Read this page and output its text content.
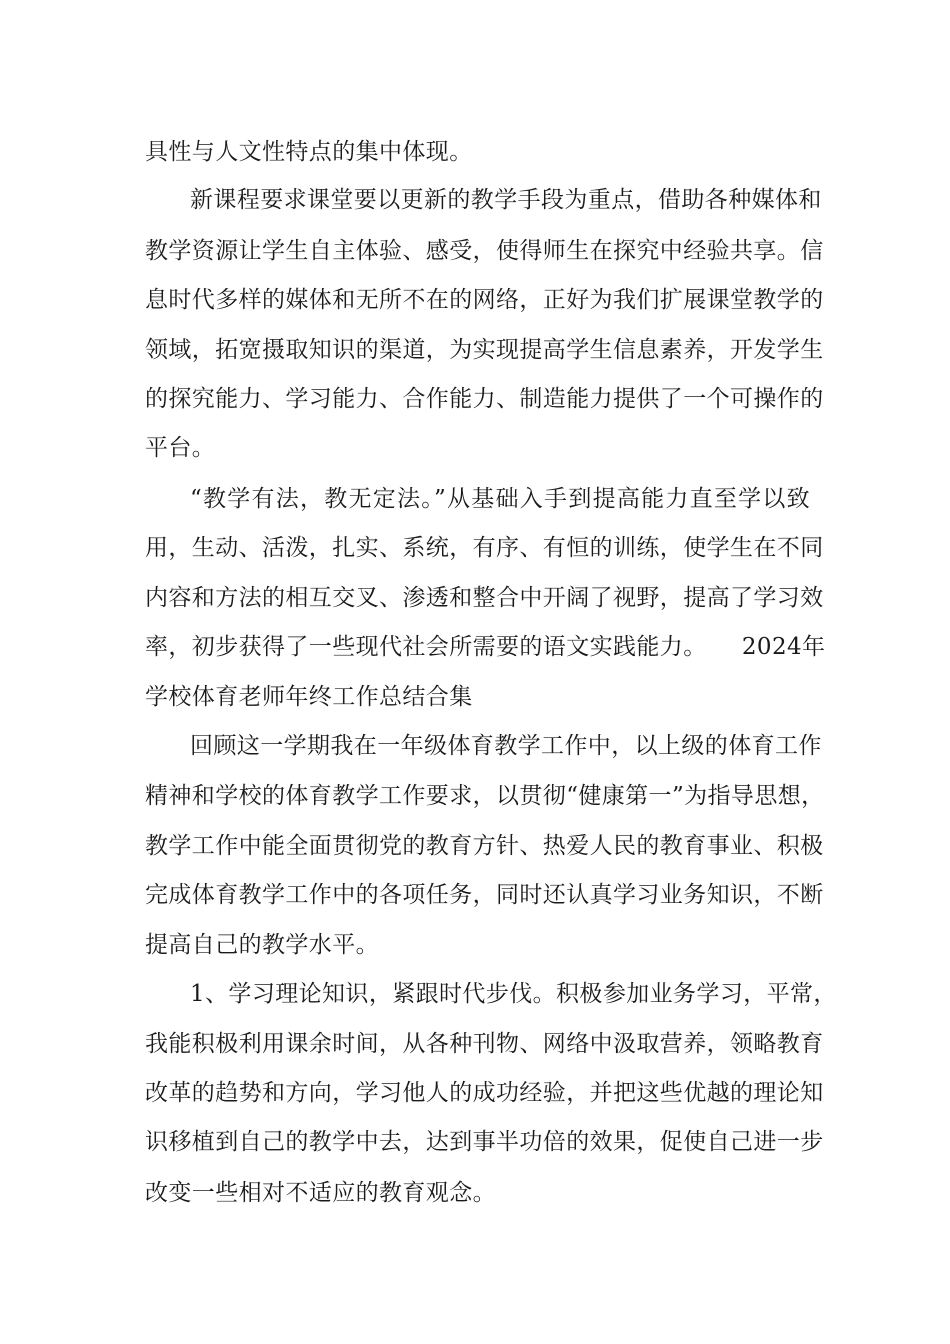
具性与人文性特点的集中体现。
新课程要求课堂要以更新的教学手段为重点，借助各种媒体和
教学资源让学生自主体验、感受，使得师生在探究中经验共享。信
息时代多样的媒体和无所不在的网络，正好为我们扩展课堂教学的
领域，拓宽摄取知识的渠道，为实现提高学生信息素养，开发学生
的探究能力、学习能力、合作能力、制造能力提供了一个可操作的
平台。
“教学有法，教无定法。”从基础入手到提高能力直至学以致
用，生动、活泼，扎实、系统，有序、有恒的训练，使学生在不同
内容和方法的相互交叉、渗透和整合中开阔了视野，提高了学习效
率，初步获得了一些现代社会所需要的语文实践能力。　　2024年
学校体育老师年终工作总结合集
回顾这一学期我在一年级体育教学工作中，以上级的体育工作
精神和学校的体育教学工作要求，以贯彻“健康第一”为指导思想，
教学工作中能全面贯彻党的教育方针、热爱人民的教育事业、积极
完成体育教学工作中的各项任务，同时还认真学习业务知识，不断
提高自己的教学水平。
1、学习理论知识，紧跟时代步伐。积极参加业务学习，平常，
我能积极利用课余时间，从各种刊物、网络中汲取营养，领略教育
改革的趋势和方向，学习他人的成功经验，并把这些优越的理论知
识移植到自己的教学中去，达到事半功倍的效果，促使自己进一步
改变一些相对不适应的教育观念。
